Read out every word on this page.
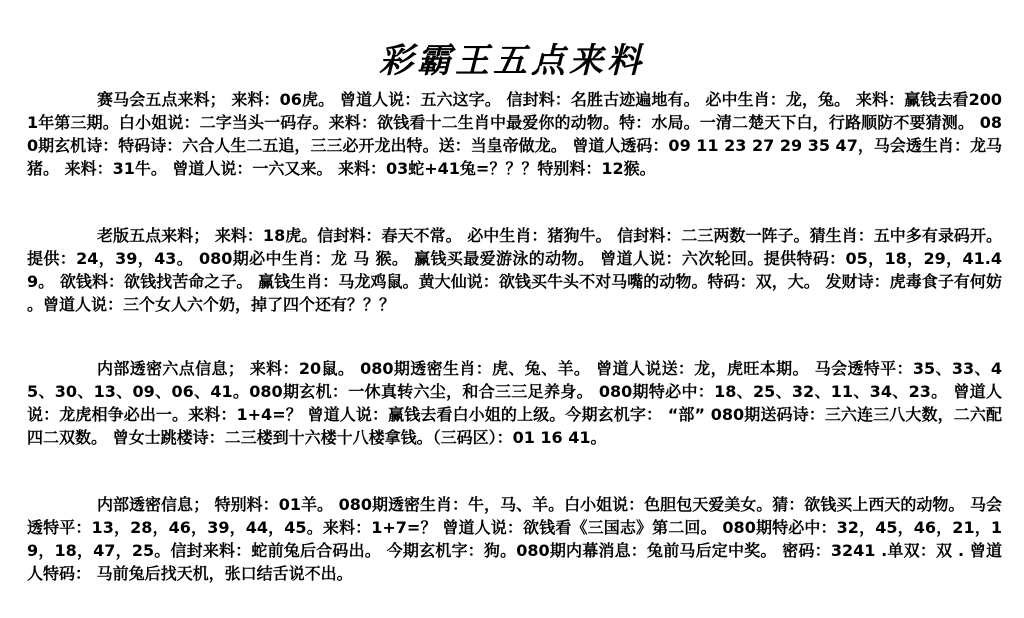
彩霸王五点来料

赛马会五点来料； 来料：06虎。 曾道人说：五六这字。 信封料：名胜古迹遍地有。 必中生肖：龙，兔。 来料：赢钱去看2001年第三期。白小姐说：二字当头一码存。来料：欲钱看十二生肖中最爱你的动物。特：水局。一清二楚天下白，行路顺防不要猜测。 080期玄机诗：特码诗：六合人生二五追，三三必开龙出特。送：当皇帝做龙。 曾道人透码：09 11 23 27 29 35 47，马会透生肖：龙马猪。 来料：31牛。 曾道人说：一六又来。 来料：03蛇+41兔=？？？特别料：12猴。

老版五点来料； 来料：18虎。信封料：春天不常。 必中生肖：猪狗牛。 信封料：二三两数一阵子。猜生肖：五中多有录码开。 提供：24，39，43。 080期必中生肖：龙 马 猴。 赢钱买最爱游泳的动物。 曾道人说：六次轮回。提供特码：05，18，29，41.49。 欲钱料：欲钱找苦命之子。 赢钱生肖：马龙鸡鼠。黄大仙说：欲钱买牛头不对马嘴的动物。特码：双，大。 发财诗：虎毒食子有何妨 。曾道人说：三个女人六个奶，掉了四个还有？？？

内部透密六点信息； 来料：20鼠。 080期透密生肖：虎、兔、羊。 曾道人说送：龙，虎旺本期。 马会透特平：35、33、45、30、13、09、06、41。080期玄机：一休真转六尘，和合三三足养身。 080期特必中：18、25、32、11、34、23。 曾道人说：龙虎相争必出一。来料：1+4=？ 曾道人说：赢钱去看白小姐的上级。今期玄机字： “部” 080期送码诗：三六连三八大数，二六配四二双数。 曾女士跳楼诗：二三楼到十六楼十八楼拿钱。（三码区）：01 16 41。

内部透密信息； 特别料：01羊。 080期透密生肖：牛，马、羊。白小姐说：色胆包天爱美女。猜：欲钱买上西天的动物。 马会透特平：13，28，46，39，44，45。来料：1+7=？ 曾道人说：欲钱看《三国志》第二回。 080期特必中：32，45，46，21，19，18，47，25。信封来料：蛇前兔后合码出。 今期玄机字：狗。080期内幕消息：兔前马后定中奖。 密码：3241 .单双：双 . 曾道人特码： 马前兔后找天机，张口结舌说不出。
